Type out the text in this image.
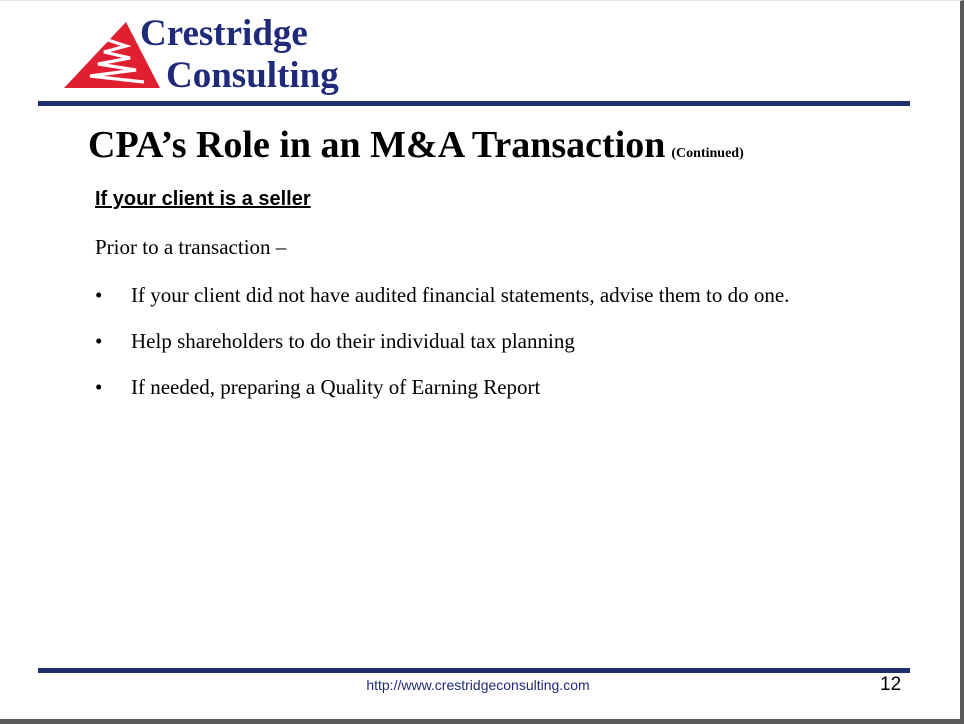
Crestridge
Consulting
CPA’s Role in an M&A Transaction (Continued)
If your client is a seller
Prior to a transaction –
•	If your client did not have audited financial statements, advise them to do one.
•	Help shareholders to do their individual tax planning
•	If needed, preparing a Quality of Earning Report
http://www.crestridgeconsulting.com	12
